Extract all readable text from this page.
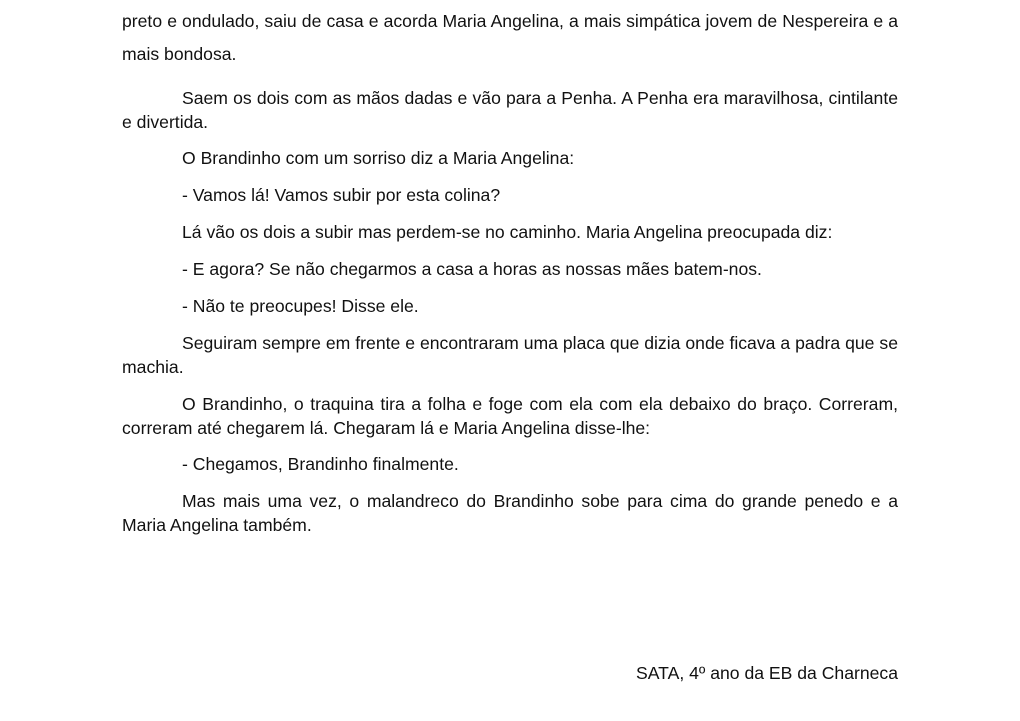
preto e ondulado, saiu de casa e acorda Maria Angelina, a mais simpática jovem de Nespereira e a mais bondosa.

Saem os dois com as mãos dadas e vão para a Penha. A Penha era maravilhosa, cintilante e divertida.

O Brandinho com um sorriso diz a Maria Angelina:

- Vamos lá! Vamos subir por esta colina?

Lá vão os dois a subir mas perdem-se no caminho. Maria Angelina preocupada diz:

- E agora? Se não chegarmos a casa a horas as nossas mães batem-nos.

- Não te preocupes! Disse ele.

Seguiram sempre em frente e encontraram uma placa que dizia onde ficava a padra que se machia.

O Brandinho, o traquina tira a folha e foge com ela com ela debaixo do braço. Correram, correram até chegarem lá. Chegaram lá e Maria Angelina disse-lhe:

- Chegamos, Brandinho finalmente.

Mas mais uma vez, o malandreco do Brandinho sobe para cima do grande penedo e a Maria Angelina também.

SATA, 4º ano da EB da Charneca
